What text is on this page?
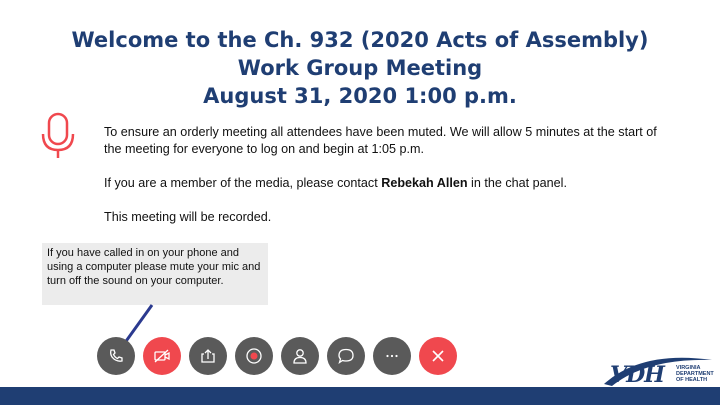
Welcome to the Ch. 932 (2020 Acts of Assembly)
Work Group Meeting
August 31, 2020 1:00 p.m.

To ensure an orderly meeting all attendees have been muted. We will allow 5 minutes at the start of the meeting for everyone to log on and begin at 1:05 p.m.

If you are a member of the media, please contact Rebekah Allen in the chat panel.

This meeting will be recorded.

If you have called in on your phone and using a computer please mute your mic and turn off the sound on your computer.
VDH VIRGINIA
DEPARTMENT
OF HEALTH
